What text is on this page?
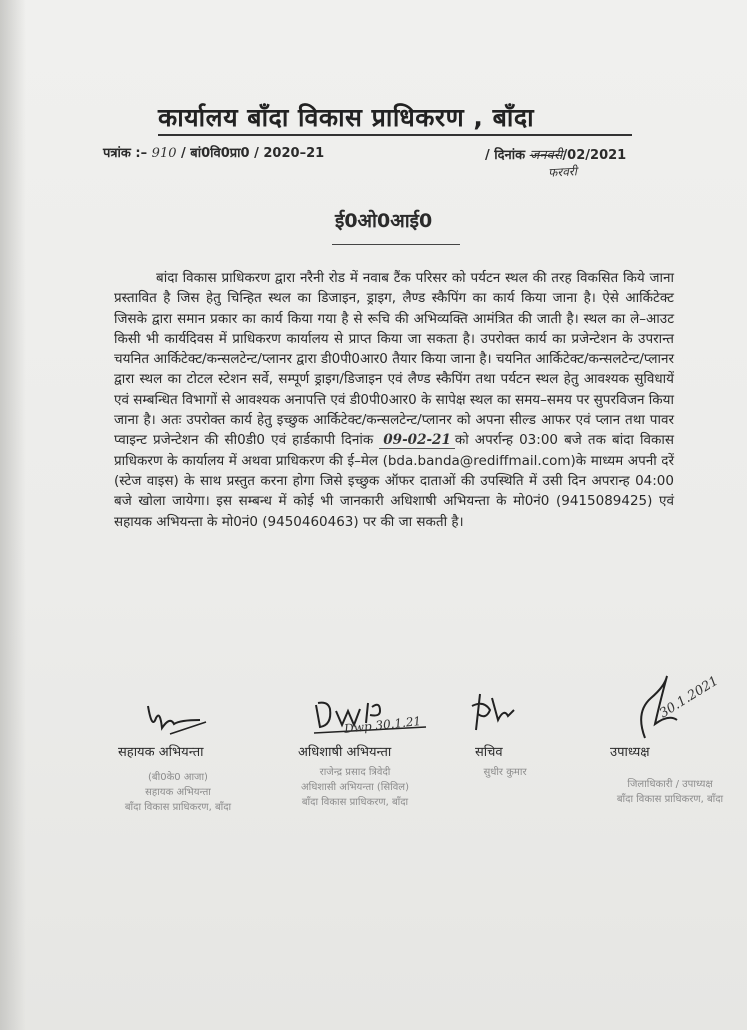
कार्यालय बाँदा विकास प्राधिकरण , बाँदा
पत्रांक :– 910 / बां0वि0प्रा0 / 2020–21	/ दिनांक जनवरी/02/2021
फरवरी
ई0ओ0आई0
बांदा विकास प्राधिकरण द्वारा नरैनी रोड में नवाब टैंक परिसर को पर्यटन स्थल की तरह विकसित किये जाना प्रस्तावित है जिस हेतु चिन्हित स्थल का डिजाइन, ड्राइग, लैण्ड स्कैपिंग का कार्य किया जाना है। ऐसे आर्किटेक्ट जिसके द्वारा समान प्रकार का कार्य किया गया है से रूचि की अभिव्यक्ति आमंत्रित की जाती है। स्थल का ले–आउट किसी भी कार्यदिवस में प्राधिकरण कार्यालय से प्राप्त किया जा सकता है। उपरोक्त कार्य का प्रजेन्टेशन के उपरान्त चयनित आर्किटेक्ट/कन्सलटेन्ट/प्लानर द्वारा डी0पी0आर0 तैयार किया जाना है। चयनित आर्किटेक्ट/कन्सलटेन्ट/प्लानर द्वारा स्थल का टोटल स्टेशन सर्वे, सम्पूर्ण ड्राइग/डिजाइन एवं लैण्ड स्कैपिंग तथा पर्यटन स्थल हेतु आवश्यक सुविधायें एवं सम्बन्धित विभागों से आवश्यक अनापत्ति एवं डी0पी0आर0 के सापेक्ष स्थल का समय–समय पर सुपरविजन किया जाना है। अतः उपरोक्त कार्य हेतु इच्छुक आर्किटेक्ट/कन्सलटेन्ट/प्लानर को अपना सील्ड आफर एवं प्लान तथा पावर प्वाइन्ट प्रजेन्टेशन की सी0डी0 एवं हार्डकापी दिनांक 09-02-21 को अपर्रान्ह 03:00 बजे तक बांदा विकास प्राधिकरण के कार्यालय में अथवा प्राधिकरण की ई–मेल (bda.banda@rediffmail.com)के माध्यम अपनी दरें (स्टेज वाइस) के साथ प्रस्तुत करना होगा जिसे इच्छुक ऑफर दाताओं की उपस्थिति में उसी दिन अपरान्ह 04:00 बजे खोला जायेगा। इस सम्बन्ध में कोई भी जानकारी अधिशाषी अभियन्ता के मो0नं0 (9415089425) एवं सहायक अभियन्ता के मो0नं0 (9450460463) पर की जा सकती है।
सहायक अभियन्ता
(बी0के0 आजा)
सहायक अभियन्ता
बाँदा विकास प्राधिकरण, बाँदा
Dwp 30.1.21
अधिशाषी अभियन्ता
राजेन्द्र प्रसाद त्रिवेदी
अधिशासी अभियन्ता (सिविल)
बाँदा विकास प्राधिकरण, बाँदा
सचिव
सुधीर कुमार
30.1.2021
उपाध्यक्ष
जिलाधिकारी / उपाध्यक्ष
बाँदा विकास प्राधिकरण, बाँदा
